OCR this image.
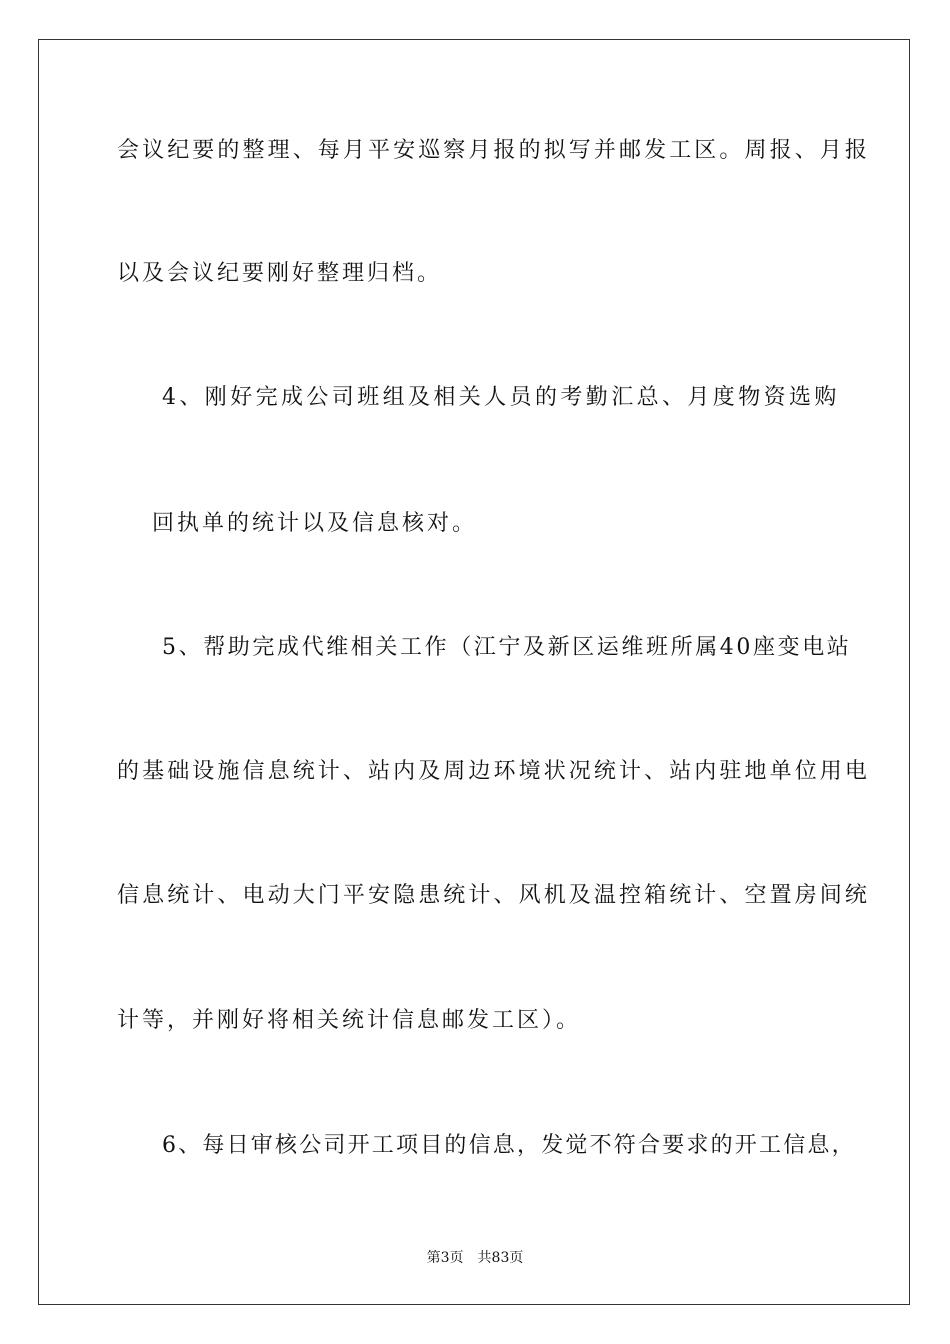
会议纪要的整理、每月平安巡察月报的拟写并邮发工区。周报、月报
以及会议纪要刚好整理归档。
4、刚好完成公司班组及相关人员的考勤汇总、月度物资选购
回执单的统计以及信息核对。
5、帮助完成代维相关工作（江宁及新区运维班所属40座变电站
的基础设施信息统计、站内及周边环境状况统计、站内驻地单位用电
信息统计、电动大门平安隐患统计、风机及温控箱统计、空置房间统
计等，并刚好将相关统计信息邮发工区）。
6、每日审核公司开工项目的信息，发觉不符合要求的开工信息，
第3页 共83页
